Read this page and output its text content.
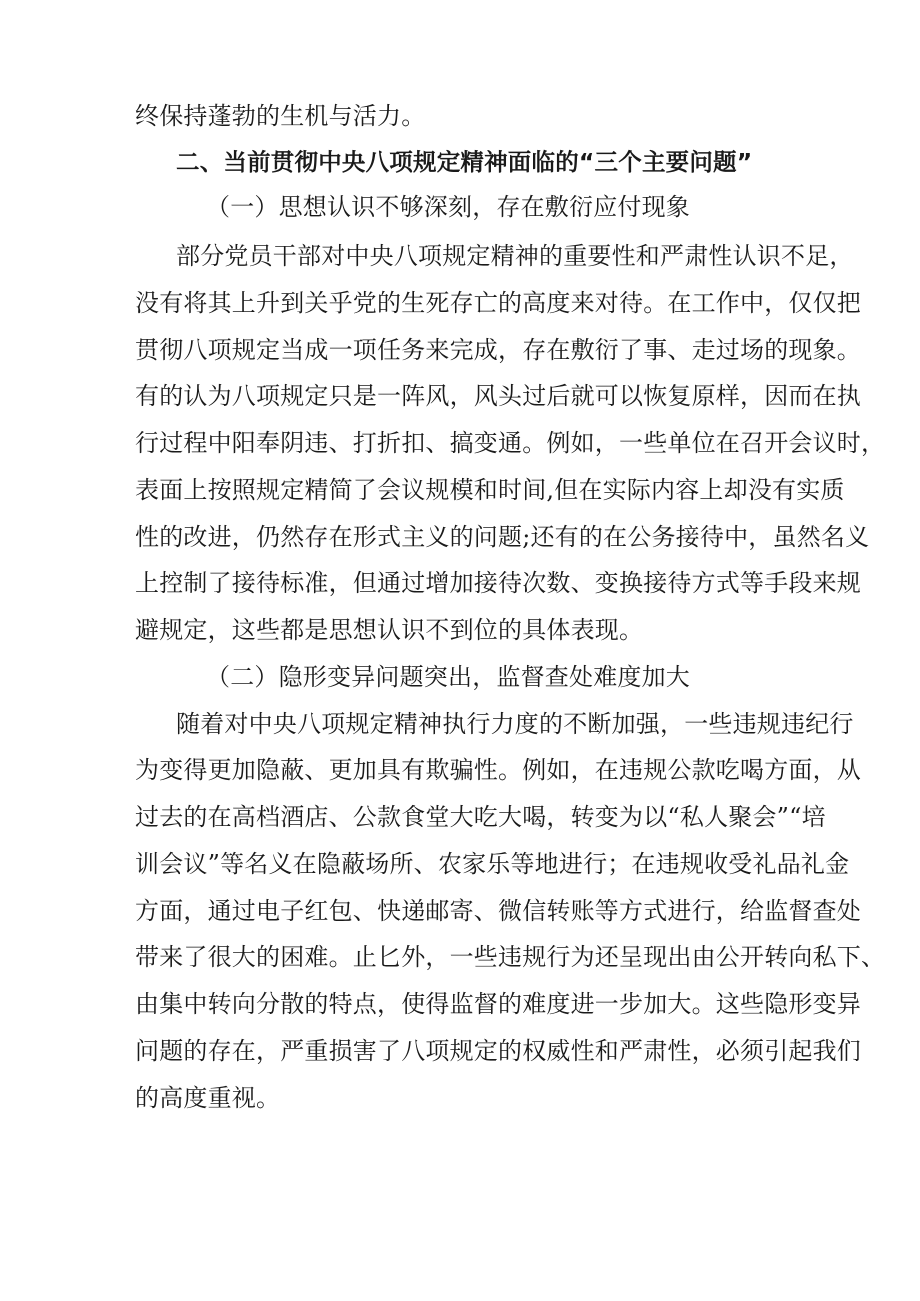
终保持蓬勃的生机与活力。
二、当前贯彻中央八项规定精神面临的“三个主要问题”
（一）思想认识不够深刻，存在敷衍应付现象
部分党员干部对中央八项规定精神的重要性和严肃性认识不足，
没有将其上升到关乎党的生死存亡的高度来对待。在工作中，仅仅把
贯彻八项规定当成一项任务来完成，存在敷衍了事、走过场的现象。
有的认为八项规定只是一阵风，风头过后就可以恢复原样，因而在执
行过程中阳奉阴违、打折扣、搞变通。例如，一些单位在召开会议时，
表面上按照规定精简了会议规模和时间,但在实际内容上却没有实质
性的改进，仍然存在形式主义的问题;还有的在公务接待中，虽然名义
上控制了接待标准，但通过增加接待次数、变换接待方式等手段来规
避规定，这些都是思想认识不到位的具体表现。
（二）隐形变异问题突出，监督查处难度加大
随着对中央八项规定精神执行力度的不断加强，一些违规违纪行
为变得更加隐蔽、更加具有欺骗性。例如，在违规公款吃喝方面，从
过去的在高档酒店、公款食堂大吃大喝，转变为以“私人聚会”“培
训会议”等名义在隐蔽场所、农家乐等地进行；在违规收受礼品礼金
方面，通过电子红包、快递邮寄、微信转账等方式进行，给监督查处
带来了很大的困难。止匕外，一些违规行为还呈现出由公开转向私下、
由集中转向分散的特点，使得监督的难度进一步加大。这些隐形变异
问题的存在，严重损害了八项规定的权威性和严肃性，必须引起我们
的高度重视。
